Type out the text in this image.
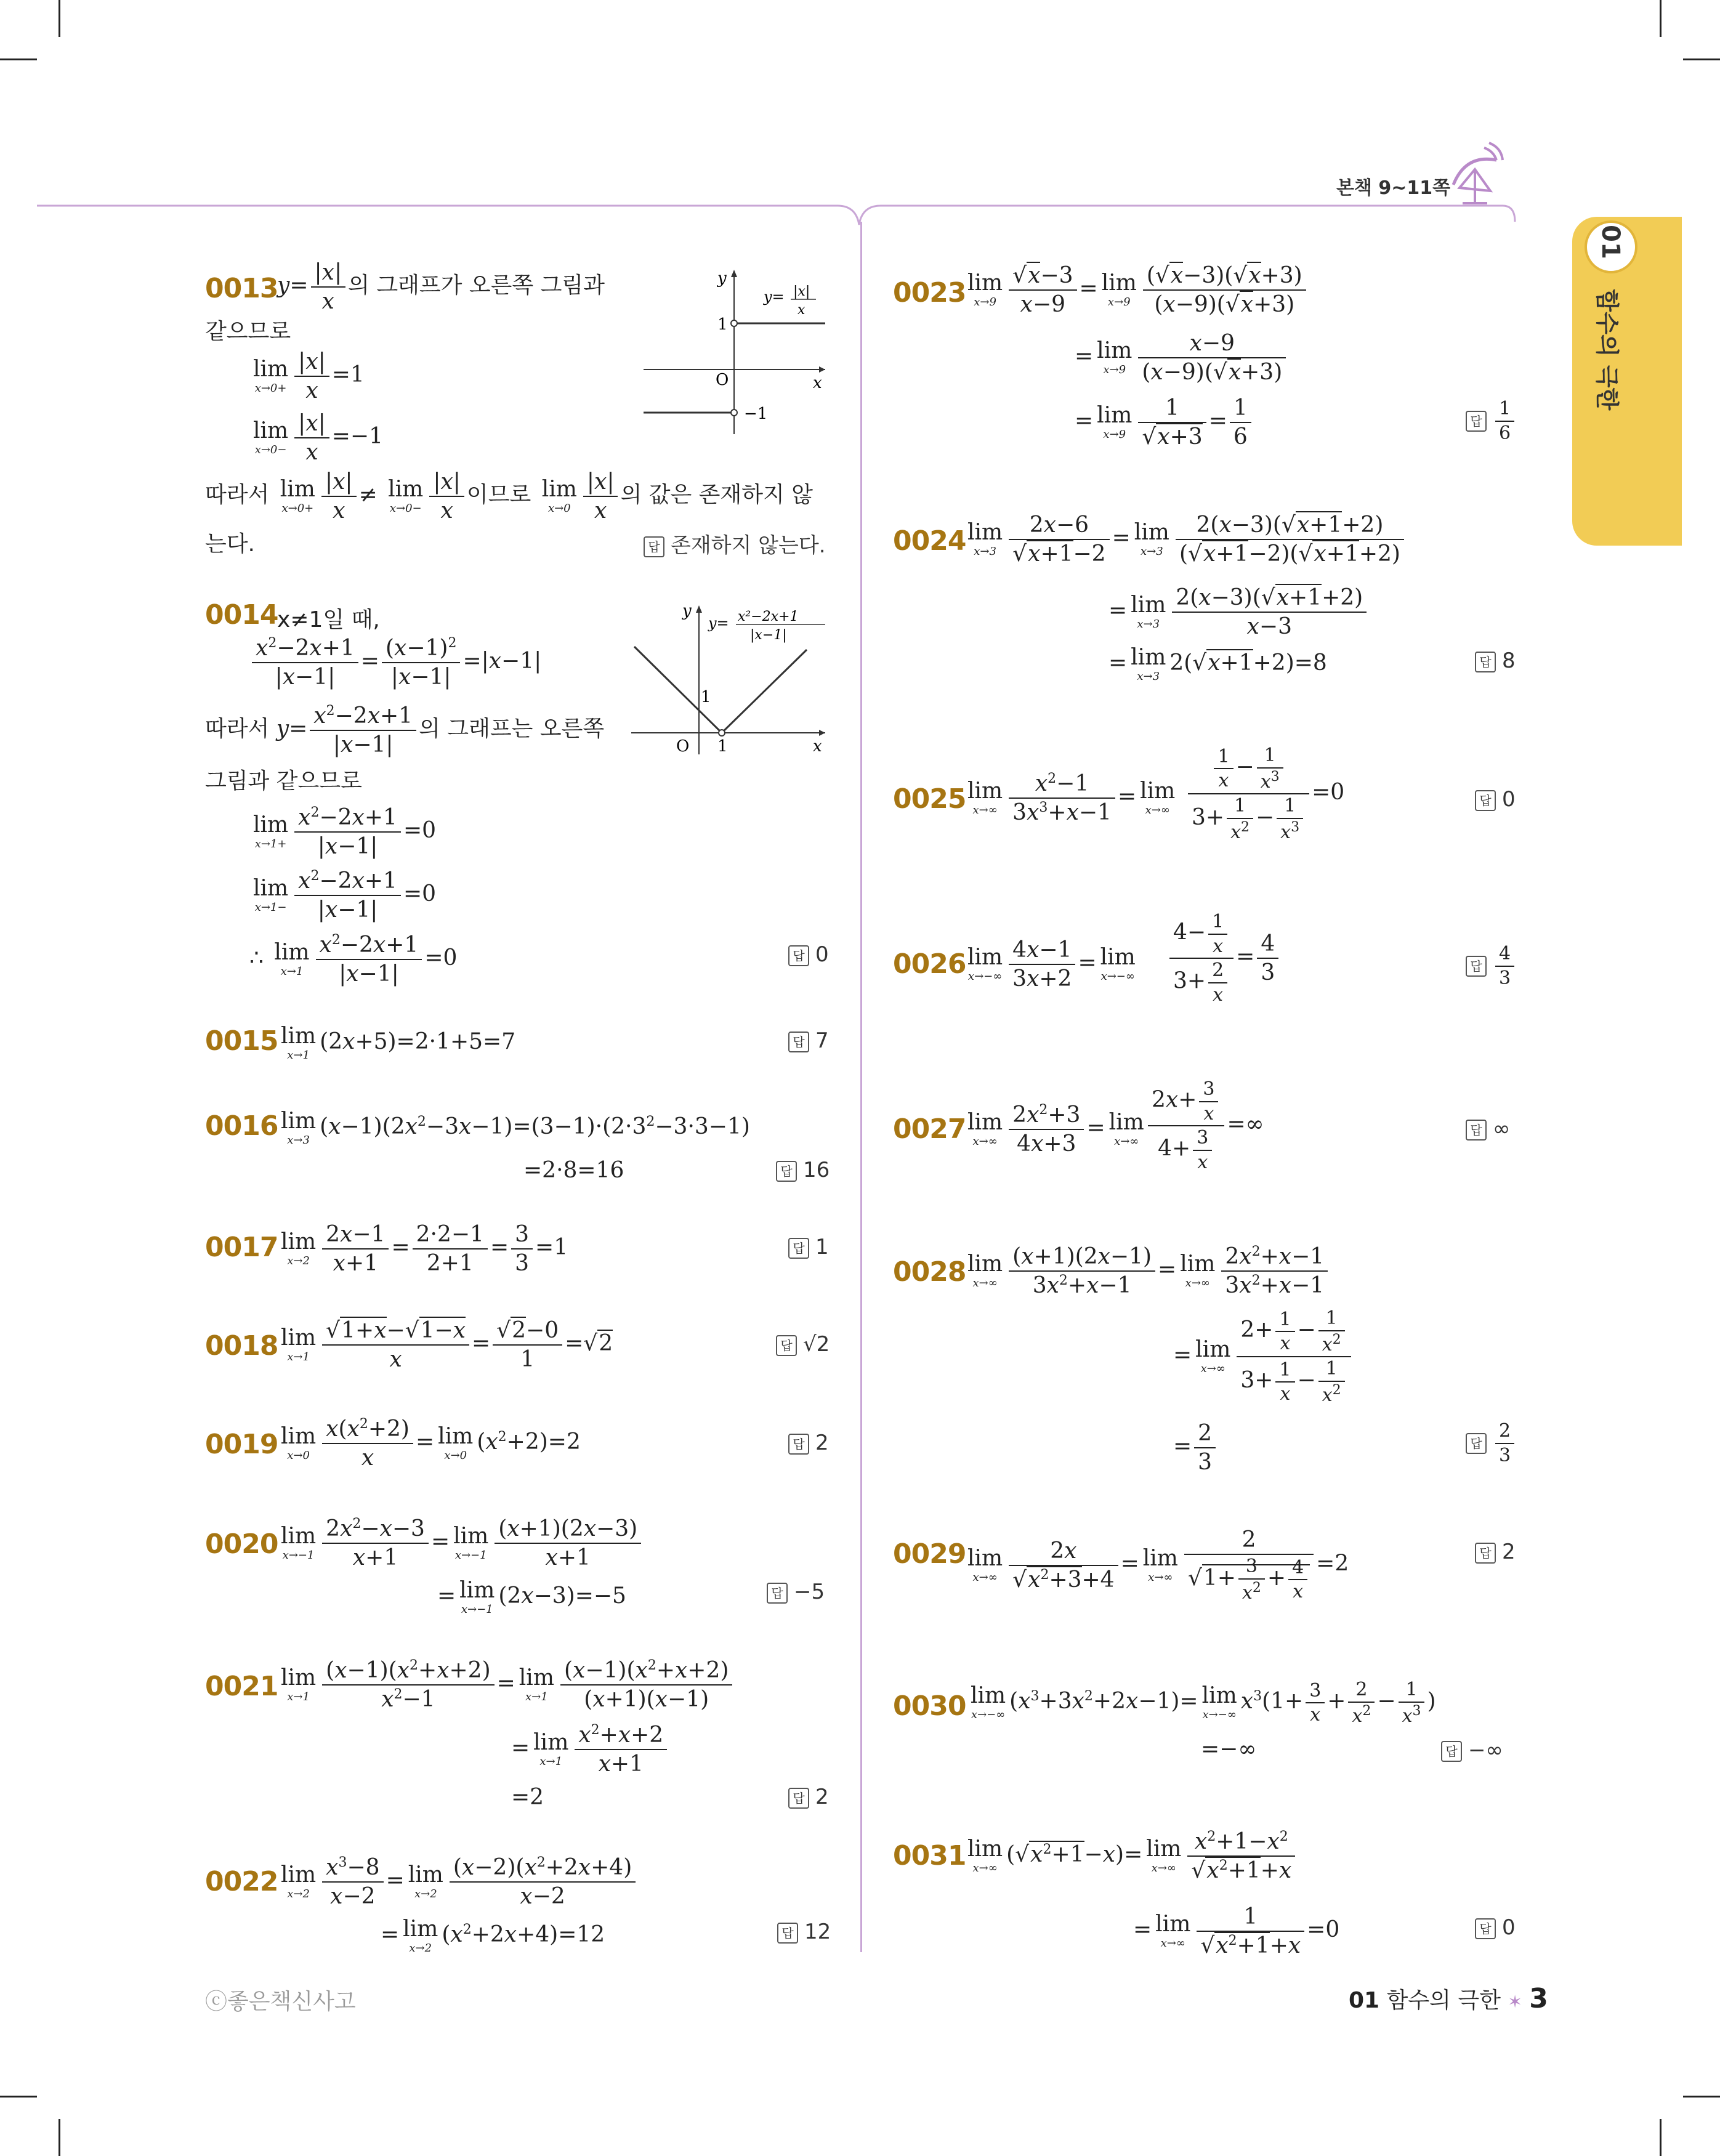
본책 9~11쪽
01
함수의 극한
0013
$y= \frac{|x|}{x}$ 의 그래프가 오른쪽 그림과
같으므로
lim
$x\to 0+ \frac{|x|}{x} =1$
lim
$x\to 0- \frac{|x|}{x} =-1$
따라서 lim
$x\to 0+ \frac{|x|}{x} \ne \lim$
$x\to 0- \frac{|x|}{x}$ 이므로 lim
$x\to 0 \frac{|x|}{x}$ 의 값은 존재하지 않
는다.	답 존재하지 않는다.
y
1
O	x
−1
y= |x|
x
0014
x≠1일 때,
$\frac{x^2-2x+1}{|x-1|} = \frac{(x-1)^2}{|x-1|} =|x-1|$
따라서 $y= \frac{x^2-2x+1}{|x-1|}$ 의 그래프는 오른쪽
그림과 같으므로
lim
$x\to 1+ \frac{x^2-2x+1}{|x-1|} =0$
lim
$x\to 1- \frac{x^2-2x+1}{|x-1|} =0$
∴ lim
$x\to 1 \frac{x^2-2x+1}{|x-1|} =0$	답 0
y
1
O 1	x
y= x²−2x+1
|x−1|
0015 lim
x→1
(2x+5)=2·1+5=7	답 7
0016 lim
x→3
$(x-1)(2x^2-3x-1)=(3-1)\cdot(2\cdot 3^2-3\cdot 3-1)$
=2·8=16	답 16
0017 lim
$x\to 2 \frac{2x-1}{x+1} = \frac{2\cdot 2-1}{2+1} = \frac{3}{3} =1$	답 1
0018 lim
$x\to 1 \frac{√1+x-√1-x}{x} = \frac{√2-0}{1} =√2$	답 √2
0019 lim
$x\to 0 \frac{x(x^2+2)}{x} = \lim$
x→0
$(x^2+2)=2$	답 2
0020 lim
$x\to-1 \frac{2x^2-x-3}{x+1} = \lim$
$x\to-1 \frac{(x+1)(2x-3)}{x+1}$
= lim
x→−1
(2x−3)=−5	답 −5
0021 lim
$x\to 1 \frac{(x-1)(x^2+x+2)}{x^2-1} = \lim$
$x\to 1 \frac{(x-1)(x^2+x+2)}{(x+1)(x-1)}$
= lim
$x\to 1 \frac{x^2+x+2}{x+1}$
=2	답 2
0022 lim
$x\to 2 \frac{x^3-8}{x-2} = \lim$
$x\to 2 \frac{(x-2)(x^2+2x+4)}{x-2}$
= lim
x→2
$(x^2+2x+4)=12$	답 12
0023 lim
$x\to 9 \frac{√x-3}{x-9} = \lim$
$x\to 9 \frac{(√x-3)(√x+3)}{(x-9)(√x+3)}$
= lim
$x\to 9 \frac{x-9}{(x-9)(√x+3)}$
= lim
$x\to 9 \frac{1}{√x+3} = \frac{1}{6}$	답 $\frac{1}{6}$
0024 lim
$x\to 3 \frac{2x-6}{√x+1-2} = \lim$
$x\to 3 \frac{2(x-3)(√x+1+2)}{(√x+1-2)(√x+1+2)}$
= lim
$x\to 3 \frac{2(x-3)(√x+1+2)}{x-3}$
= lim
x→3
2(√x+1+2)=8	답 8
0025 lim
$x\to\infty \frac{x^2-1}{3x^3+x-1} = \lim$
$x\to\infty \frac{\frac{1}{x} - \frac{1}{x^3}}{3+ \frac{1}{x^2} - \frac{1}{x^3}} =0$	답 0
0026 lim
$x\to-\infty \frac{4x-1}{3x+2} = \lim$
$x\to-\infty \frac{4- \frac{1}{x}}{3+ \frac{2}{x}} = \frac{4}{3}$	답 $\frac{4}{3}$
0027 lim
$x\to\infty \frac{2x^2+3}{4x+3} = \lim$
$x\to\infty \frac{2x+ \frac{3}{x}}{4+ \frac{3}{x}}$ =∞	답 ∞
0028 lim
$x\to\infty \frac{(x+1)(2x-1)}{3x^2+x-1} = \lim$
$x\to\infty \frac{2x^2+x-1}{3x^2+x-1}$
= lim
$x\to\infty \frac{2+ \frac{1}{x} - \frac{1}{x^2}}{3+ \frac{1}{x} - \frac{1}{x^2}}$
= $\frac{2}{3}$	답 $\frac{2}{3}$
0029 lim
$x\to\infty \frac{2x}{√x^2+3+4} = \lim$
$x\to\infty \frac{2}{√1+ \frac{3}{x^2} + \frac{4}{x}} =2$	답 2
0030 lim
x→−∞
$(x^3+3x^2+2x-1)= \lim$
x→−∞
$x^3(1+ \frac{3}{x} + \frac{2}{x^2} - \frac{1}{x^3}$ )
=−∞	답 −∞
0031 lim
x→∞
$(√x^2+1-x)= \lim$
$x\to\infty \frac{x^2+1-x^2}{√x^2+1+x}$
= lim
$x\to\infty \frac{1}{√x^2+1+x} =0$	답 0
ⓒ좋은책신사고	01 함수의 극한 ✶ 3
